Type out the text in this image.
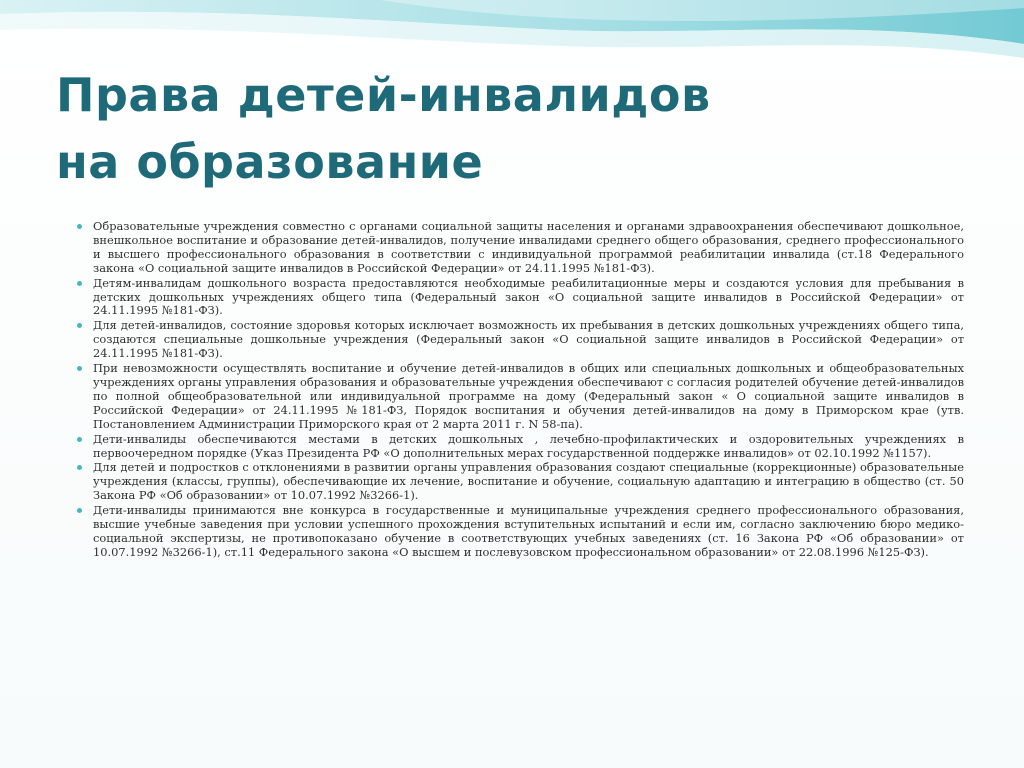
Права детей-инвалидов
на образование
Образовательные учреждения совместно с органами социальной защиты населения и органами здравоохранения обеспечивают дошкольное, внешкольное воспитание и образование детей-инвалидов, получение инвалидами среднего общего образования, среднего профессионального и высшего профессионального образования в соответствии с индивидуальной программой реабилитации инвалида (ст.18 Федерального закона «О социальной защите инвалидов в Российской Федерации» от 24.11.1995 №181-ФЗ).
Детям-инвалидам дошкольного возраста предоставляются необходимые реабилитационные меры и создаются условия для пребывания в детских дошкольных учреждениях общего типа (Федеральный закон «О социальной защите инвалидов в Российской Федерации» от 24.11.1995 №181-ФЗ).
Для детей-инвалидов, состояние здоровья которых исключает возможность их пребывания в детских дошкольных учреждениях общего типа, создаются специальные дошкольные учреждения (Федеральный закон «О социальной защите инвалидов в Российской Федерации» от 24.11.1995 №181-ФЗ).
При невозможности осуществлять воспитание и обучение детей-инвалидов в общих или специальных дошкольных и общеобразовательных учреждениях органы управления образования и образовательные учреждения обеспечивают с согласия родителей обучение детей-инвалидов по полной общеобразовательной или индивидуальной программе на дому (Федеральный закон « О социальной защите инвалидов в Российской Федерации» от 24.11.1995 №181-ФЗ, Порядок воспитания и обучения детей-инвалидов на дому в Приморском крае (утв. Постановлением Администрации Приморского края от 2 марта 2011 г. N 58-па).
Дети-инвалиды обеспечиваются местами в детских дошкольных , лечебно-профилактических и оздоровительных учреждениях в первоочередном порядке (Указ Президента РФ «О дополнительных мерах государственной поддержке инвалидов» от 02.10.1992 №1157).
Для детей и подростков с отклонениями в развитии органы управления образования создают специальные (коррекционные) образовательные учреждения (классы, группы), обеспечивающие их лечение, воспитание и обучение, социальную адаптацию и интеграцию в общество (ст. 50 Закона РФ «Об образовании» от 10.07.1992 №3266-1).
Дети-инвалиды принимаются вне конкурса в государственные и муниципальные учреждения среднего профессионального образования, высшие учебные заведения при условии успешного прохождения вступительных испытаний и если им, согласно заключению бюро медико-социальной экспертизы, не противопоказано обучение в соответствующих учебных заведениях (ст. 16 Закона РФ «Об образовании» от 10.07.1992 №3266-1), ст.11 Федерального закона «О высшем и послевузовском профессиональном образовании» от 22.08.1996 №125-ФЗ).
